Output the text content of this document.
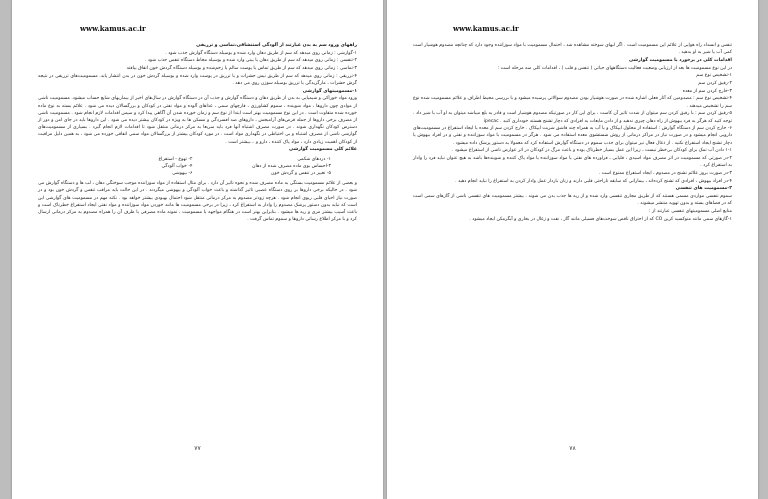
www.kamus.ac.ir

راههای ورود سم به بدن عبارتند از آلودگی استنشاقی،تماسی و تزریقی

۱-گوارشی : زمانی روی میدهد که سم از طریق دهان وارد شده و بوسیله دستگاه گوارش جذب شود .

۲-تنفسی : زمانی روی میدهد که سم از طریق دهان یا بینی وارد شده و بوسیله مخاط دستگاه تنفس جذب شود .

۳-تماسی : زمانی روی میدهد که سم از طریق تماس با پوست سالم یا زخم‌شده و بوسیله دستگاه گردش خون اتفاق بیافتد

۴-تزریقی : زمانی روی میدهد که سم از طریق نیش حشرات و یا تزریق در پوست وارد شده و بوسیله گردش خون در بدن انتشار یابد. مسمومیت‌های تزریقی در نتیجه گزش حشرات ، مارگزیدگی یا تزریق بوسیله سوزن روی می دهد .

۱-مسمومیتهای گوارشی

ورود مواد خوراکی و شیمیایی به بدن از طریق دهان و دستگاه گوارش و جذب آن در دستگاه گوارش در سال‌های اخیر از بیماریهای شایع حساب میشود. مسمومیت ناشی از موادی چون داروها ، مواد شوینده ، سموم کشاورزی ، قارچهای سمی ، غذاهای آلوده و مواد نفتی در کودکان و بزرگسالان دیده می شود . علائم بسته به نوع ماده خورده شده متفاوت است . در این نوع مسمومیت بهتر است ابتدا از نوع سم و زمان خورده شدن آن آگاهی پیدا کرد و سپس اقدامات لازم انجام شود . مسمومیت ناشی از مصرف برخی داروها از جمله قرص‌های آرامبخش ، داروهای ضد افسردگی و مسکن ها به ویژه در کودکان بیشتر دیده می شود . این داروها باید در جای امن و دور از دسترس کودکان نگهداری شوند . در صورت مصرف اشتباه آنها فرد باید سریعا به مرکز درمانی منتقل شود تا اقدامات لازم انجام گیرد . بسیاری از مسمومیت‌های گوارشی ناشی از مصرف اشتباه و بی احتیاطی در نگهداری مواد است . در مورد کودکان بیشتر از بزرگسالان مواد سمی اتفاقی خورده می شود ، به همین دلیل مراقبت از کودکان اهمیت زیادی دارد ، مواد پاک کننده ، دارو و ...بیشتر است .

علائم کلی مسمومیت گوارشی

۱- دردهای شکمی
۲- تهوع - استفراغ
۳-احساس بوی ماده مصرف شده از دهان
۴- خواب آلودگی
۵- تغییر در تنفس و گردش خون
۶- بیهوشی

و بعضی از علائم مسمومیت بستگی به ماده مصرف شده و نحوه تاثیر آن دارد . برای مثال استفاده از مواد سوزاننده موجب سوختگی دهان ، لب ها و دستگاه گوارش می شود . در حالیکه برخی داروها بر روی دستگاه عصبی تاثیر گذاشته و باعث خواب آلودگی و بیهوشی میگردند . در این حالت باید مراقب تنفس و گردش خون بود و در صورت نیاز احیای قلبی ریوی انجام شود . هرچه زودتر مصدوم به مرکز درمانی منتقل شود احتمال بهبودی بیشتر خواهد بود . نکته مهم در مسمومیت های گوارشی این است که نباید بدون دستور پزشک مصدوم را وادار به استفراغ کرد ، زیرا در برخی مسمومیت ها مانند خوردن مواد سوزاننده و مواد نفتی ایجاد استفراغ خطرناک است و باعث آسیب بیشتر مری و ریه ها میشود . بنابراین بهتر است در هنگام مواجهه با مسمومیت ، نمونه ماده مصرفی یا ظرف آن را همراه مصدوم به مرکز درمانی ارسال کرد و با مرکز اطلاع رسانی داروها و سموم تماس گرفت .

۷۷
www.kamus.ac.ir

تنفس و انسداد راه هوایی از علائم این مسمومیت است . اگر لبهای سوخته مشاهده شد ، احتمال مسمومیت با مواد سوزاننده وجود دارد که چنانچه مصدوم هوشیار است کمی آب یا شیر به او بدهید .

اقدامات کلی در برخورد با مسمومیت گوارشی

در این نوع مسمومیت ها بعد از ارزیابی وضعیت فعالیت دستگاههای حیاتی ( تنفس و قلب ) ، اقدامات کلی سه مرحله است :

۱-تشخیص نوع سم

۲-رقیق کردن سم

۳-خارج کردن سم از معده

۴-تشخیص نوع سم : مصدومین که آثار فعلی اشاره شده در صورت هوشیار بودن مصدوم سوالاتی پرسیده میشود و با بررسی محیط اطراف و علائم مسمومیت شده نوع سم را تشخیص میدهند .

۵-رقیق کردن سم : با رقیق کردن سم میتوان از شدت تاثیر آن کاست ، برای این کار در صورتیکه مصدوم هوشیار است و قادر به بلع میباشد میتوان به او آب یا شیر داد . توجه کنید که هرگز به فرد بیهوش از راه دهان چیزی ندهید و از دادن مایعات به افرادی که دچار تشنج هستند خودداری کنید . ipecac

۶- خارج کردن سم از دستگاه گوارش : استفاده از محلول ایپکاک و یا آب به همراه چند قاشق شربت ایپکاک . خارج کردن سم از معده با ایجاد استفراغ در مسمومیت‌های دارویی انجام میشود و در صورت نیاز در مراکز درمانی از روش شستشوی معده استفاده می شود . هرگز در مسمومیت با مواد سوزاننده و نفتی و در افراد بیهوش یا دچار تشنج ایجاد استفراغ نکنید . از ذغال فعال نیز میتوان برای جذب سموم در دستگاه گوارش استفاده کرد که معمولا به دستور پزشک داده میشود .

۱-۱ دادن آب نمک برای کودکان بی‌خطر نیست ، زیرا این عمل بسیار خطرناک بوده و باعث مرگ در کودکان در اثر عوارض ناشی از استفراغ میشود .

۲-در صورتی که مسمومیت در اثر مصرف مواد اسیدی ، قلیایی ، فراورده های نفتی یا مواد سوزاننده یا مواد پاک کننده و شوینده‌ها باشد به هیچ عنوان نباید فرد را وادار به استفراغ کرد .

۳-در صورت بروز علائم تشنج در مصدوم ، ایجاد استفراغ ممنوع است .

۴-در افراد بیهوش ، افرادی که تشنج کرده‌اند ، بیمارانی که سابقه ناراحتی قلبی دارند و زنان باردار عمل وادار کردن به استفراغ را نباید انجام دهید .

۲-مسمومیت های تنفسی

سموم تنفسی مواردی مسمی هستند که از طریق مجاری تنفسی وارد شده و از ریه ها جذب بدن می شوند . بیشتر مسمومیت های تنفسی ناشی از گازهای سمی است که در فضاهای بسته و بدون تهویه منتشر میشوند .

منابع اصلی مسمومیتهای تنفسی عبارتند از :

۱-گازهای سمی مانند منوکسید کربن CO که از احتراق ناقص سوخت‌های فسیلی مانند گاز ، نفت و زغال در بخاری و آبگرمکن ایجاد میشود .

۷۸
